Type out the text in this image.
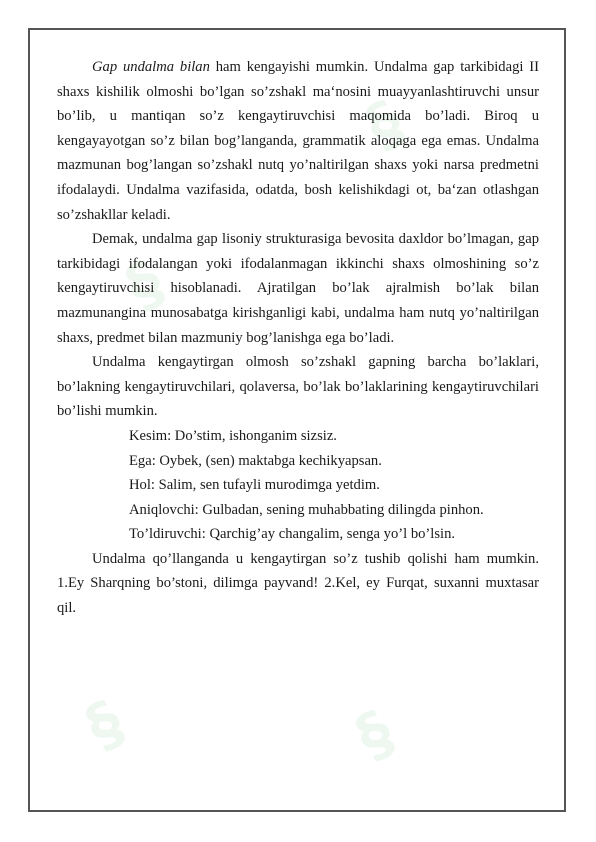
§
§
§	§

Gap undalma bilan ham kengayishi mumkin. Undalma gap tarkibidagi II shaxs kishilik olmoshi bo’lgan so’zshakl ma‘nosini muayyanlashtiruvchi unsur bo’lib, u mantiqan so’z kengaytiruvchisi maqomida bo’ladi. Biroq u kengayayotgan so’z bilan bog’langanda, grammatik aloqaga ega emas. Undalma mazmunan bog’langan so’zshakl nutq yo’naltirilgan shaxs yoki narsa predmetni ifodalaydi. Undalma vazifasida, odatda, bosh kelishikdagi ot, ba‘zan otlashgan so’zshakllar keladi.

Demak, undalma gap lisoniy strukturasiga bevosita daxldor bo’lmagan, gap tarkibidagi ifodalangan yoki ifodalanmagan ikkinchi shaxs olmoshining so’z kengaytiruvchisi hisoblanadi. Ajratilgan bo’lak ajralmish bo’lak bilan mazmunangina munosabatga kirishganligi kabi, undalma ham nutq yo’naltirilgan shaxs, predmet bilan mazmuniy bog’lanishga ega bo’ladi.

Undalma kengaytirgan olmosh so’zshakl gapning barcha bo’laklari, bo’lakning kengaytiruvchilari, qolaversa, bo’lak bo’laklarining kengaytiruvchilari bo’lishi mumkin.

Kesim: Do’stim, ishonganim sizsiz.

Ega: Oybek, (sen) maktabga kechikyapsan.

Hol: Salim, sen tufayli murodimga yetdim.

Aniqlovchi: Gulbadan, sening muhabbating dilingda pinhon.

To’ldiruvchi: Qarchig’ay changalim, senga yo’l bo’lsin.

Undalma qo’llanganda u kengaytirgan so’z tushib qolishi ham mumkin. 1.Ey Sharqning bo’stoni, dilimga payvand! 2.Kel, ey Furqat, suxanni muxtasar qil.
